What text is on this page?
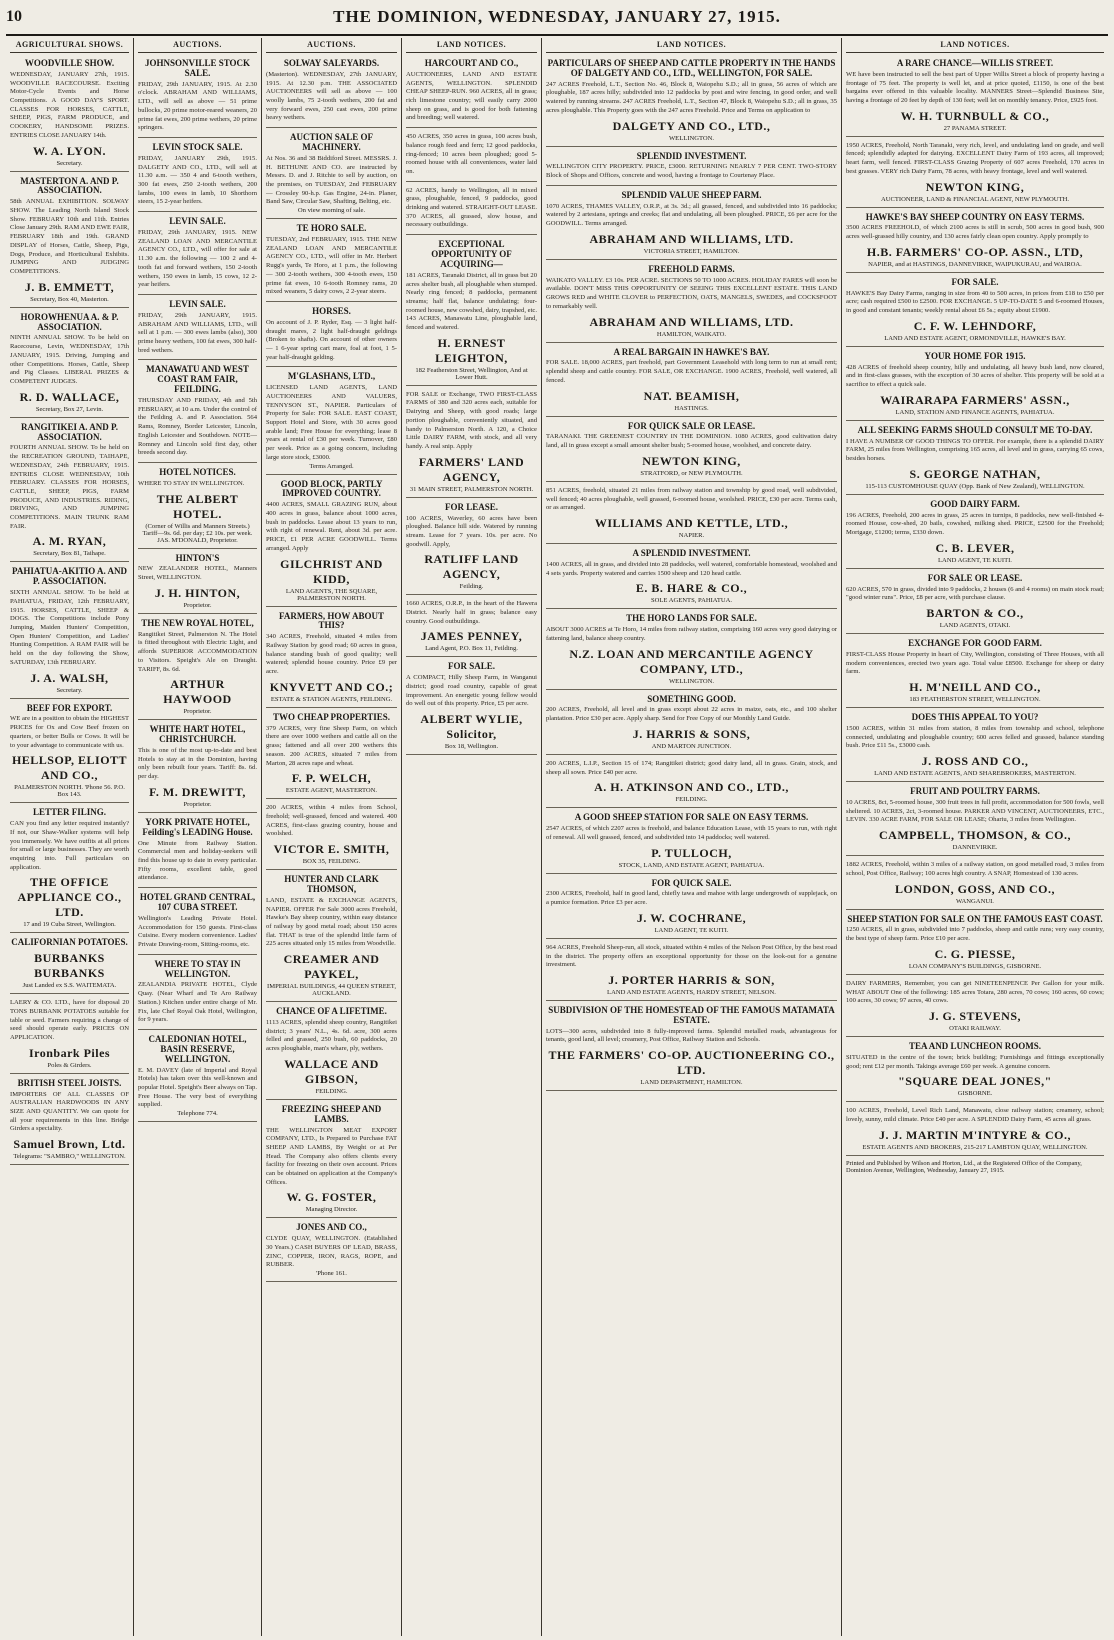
10	THE DOMINION, WEDNESDAY, JANUARY 27, 1915.
AGRICULTURAL SHOWS.
WOODVILLE SHOW.

WEDNESDAY, JANUARY 27th, 1915. WOODVILLE RACECOURSE. Exciting Motor-Cycle Events and Horse Competitions. A GOOD DAY'S SPORT. CLASSES FOR HORSES, CATTLE, SHEEP, PIGS, FARM PRODUCE, and COOKERY, HANDSOME PRIZES. ENTRIES CLOSE JANUARY 14th.

W. A. LYON.
Secretary.
MASTERTON A. AND P. ASSOCIATION.

58th ANNUAL EXHIBITION. SOLWAY SHOW. The Leading North Island Stock Show. FEBRUARY 10th and 11th. Entries Close January 29th. RAM AND EWE FAIR, FEBRUARY 18th and 19th. GRAND DISPLAY of Horses, Cattle, Sheep, Pigs, Dogs, Produce, and Horticultural Exhibits. JUMPING AND JUDGING COMPETITIONS.

J. B. EMMETT,
Secretary, Box 40, Masterton.
HOROWHENUA A. & P. ASSOCIATION.

NINTH ANNUAL SHOW. To be held on Racecourse, Levin, WEDNESDAY, 17th JANUARY, 1915. Driving, Jumping and other Competitions. Horses, Cattle, Sheep and Pig Classes. LIBERAL PRIZES & COMPETENT JUDGES.

R. D. WALLACE,
Secretary, Box 27, Levin.
RANGITIKEI A. AND P. ASSOCIATION.

FOURTH ANNUAL SHOW. To be held on the RECREATION GROUND, TAIHAPE, WEDNESDAY, 24th FEBRUARY, 1915. ENTRIES CLOSE WEDNESDAY, 10th FEBRUARY. CLASSES FOR HORSES, CATTLE, SHEEP, PIGS, FARM PRODUCE, AND INDUSTRIES. RIDING, DRIVING, AND JUMPING COMPETITIONS. MAIN TRUNK RAM FAIR.

A. M. RYAN,
Secretary, Box 81, Taihape.
PAHIATUA-AKITIO A. AND P. ASSOCIATION.

SIXTH ANNUAL SHOW. To be held at PAHIATUA, FRIDAY, 12th FEBRUARY, 1915. HORSES, CATTLE, SHEEP & DOGS. The Competitions include Pony Jumping, Maiden Hunters' Competition, Open Hunters' Competition, and Ladies' Hunting Competition. A RAM FAIR will be held on the day following the Show, SATURDAY, 13th FEBRUARY.

J. A. WALSH,
Secretary.
BEEF FOR EXPORT.

WE are in a position to obtain the HIGHEST PRICES for Ox and Cow Beef frozen on quarters, or better Bulls or Cows. It will be to your advantage to communicate with us.

HELLSOP, ELIOTT AND CO.,
PALMERSTON NORTH. 'Phone 56. P.O. Box 143.
LETTER FILING.

CAN you find any letter required instantly? If not, our Shaw-Walker systems will help you immensely. We have outfits at all prices for small or large businesses. They are worth enquiring into. Full particulars on application.

THE OFFICE APPLIANCE CO., LTD.
17 and 19 Cuba Street, Wellington.
CALIFORNIAN POTATOES.
BURBANKS BURBANKS
Just Landed ex S.S. WAITEMATA.

LAERY & CO. LTD., have for disposal 20 TONS BURBANK POTATOES suitable for table or seed. Farmers requiring a change of seed should operate early. PRICES ON APPLICATION.

Ironbark Piles
Poles & Girders.
BRITISH STEEL JOISTS.

IMPORTERS OF ALL CLASSES OF AUSTRALIAN HARDWOODS IN ANY SIZE AND QUANTITY. We can quote for all your requirements in this line. Bridge Girders a speciality.

Samuel Brown, Ltd.
Telegrams: "SAMBRO," WELLINGTON.
AUCTIONS.
JOHNSONVILLE STOCK SALE.

FRIDAY, 29th JANUARY, 1915. At 2.30 o'clock. ABRAHAM AND WILLIAMS, LTD., will sell as above — 51 prime bullocks, 20 prime motor-reared weaners, 20 prime fat ewes, 200 prime wethers, 20 prime springers.

LEVIN STOCK SALE.

FRIDAY, JANUARY 29th, 1915. DALGETY AND CO., LTD., will sell at 11.30 a.m. — 350 4 and 6-tooth wethers, 300 fat ewes, 250 2-tooth wethers, 200 lambs, 100 ewes in lamb, 10 Shorthorn steers, 15 2-year heifers.

LEVIN SALE.

FRIDAY, 29th JANUARY, 1915. NEW ZEALAND LOAN AND MERCANTILE AGENCY CO., LTD., will offer for sale at 11.30 a.m. the following — 100 2 and 4-tooth fat and forward wethers, 150 2-tooth wethers, 150 ewes in lamb, 15 cows, 12 2-year heifers.

LEVIN SALE.

FRIDAY, 29th JANUARY, 1915. ABRAHAM AND WILLIAMS, LTD., will sell at 1 p.m. — 300 ewes lambs (also), 300 prime heavy wethers, 100 fat ewes, 300 half-bred wethers.

MANAWATU AND WEST COAST RAM FAIR, FEILDING.

THURSDAY AND FRIDAY, 4th and 5th FEBRUARY, at 10 a.m. Under the control of the Feilding A. and P. Association. 564 Rams, Romney, Border Leicester, Lincoln, English Leicester and Southdown. NOTE—Romney and Lincoln sold first day, other breeds second day.

HOTEL NOTICES.

WHERE TO STAY IN WELLINGTON.

THE ALBERT HOTEL.
(Corner of Willis and Manners Streets.) Tariff—9s. 6d. per day; £2 10s. per week. JAS. M'DONALD, Proprietor.
HINTON'S

NEW ZEALANDER HOTEL, Manners Street, WELLINGTON.

J. H. HINTON,
Proprietor.
THE NEW ROYAL HOTEL,

Rangitikei Street, Palmerston N. The Hotel is fitted throughout with Electric Light, and affords SUPERIOR ACCOMMODATION to Visitors. Speight's Ale on Draught. TARIFF, 8s. 6d.

ARTHUR HAYWOOD
Proprietor.
WHITE HART HOTEL, CHRISTCHURCH.

This is one of the most up-to-date and best Hotels to stay at in the Dominion, having only been rebuilt four years. Tariff: 8s. 6d. per day.

F. M. DREWITT,
Proprietor.
YORK PRIVATE HOTEL, Feilding's LEADING House.

One Minute from Railway Station. Commercial men and holiday-seekers will find this house up to date in every particular. Fifty rooms, excellent table, good attendance.

HOTEL GRAND CENTRAL, 107 CUBA STREET.

Wellington's Leading Private Hotel. Accommodation for 150 guests. First-class Cuisine. Every modern convenience. Ladies' Private Drawing-room, Sitting-rooms, etc.

WHERE TO STAY IN WELLINGTON.

ZEALANDIA PRIVATE HOTEL, Clyde Quay. (Near Wharf and Te Aro Railway Station.) Kitchen under entire charge of Mr. Fix, late Chef Royal Oak Hotel, Wellington, for 9 years.

CALEDONIAN HOTEL, BASIN RESERVE, WELLINGTON.

E. M. DAVEY (late of Imperial and Royal Hotels) has taken over this well-known and popular Hotel. Speight's Beer always on Tap. Free House. The very best of everything supplied.

Telephone 774.
AUCTIONS.
SOLWAY SALEYARDS.

(Masterton). WEDNESDAY, 27th JANUARY, 1915. At 12.30 p.m. THE ASSOCIATED AUCTIONEERS will sell as above — 100 woolly lambs, 75 2-tooth wethers, 200 fat and very forward ewes, 250 cast ewes, 200 prime heavy wethers.

AUCTION SALE OF MACHINERY.

At Nos. 36 and 38 Biddiford Street. MESSRS. J. H. BETHUNE AND CO. are instructed by Messrs. D. and J. Ritchie to sell by auction, on the premises, on TUESDAY, 2nd FEBRUARY — Crossley 90-h.p. Gas Engine, 24-in. Planer, Band Saw, Circular Saw, Shafting, Belting, etc.

On view morning of sale.
TE HORO SALE.

TUESDAY, 2nd FEBRUARY, 1915. THE NEW ZEALAND LOAN AND MERCANTILE AGENCY CO., LTD., will offer in Mr. Herbert Rugg's yards, Te Horo, at 1 p.m., the following — 300 2-tooth wethers, 300 4-tooth ewes, 150 prime fat ewes, 10 6-tooth Romney rams, 20 mixed weaners, 5 dairy cows, 2 2-year steers.

HORSES.

On account of J. P. Ryder, Esq. — 3 light half-draught mares, 2 light half-draught geldings (Broken to shafts). On account of other owners — 1 6-year spring cart mare, foal at foot, 1 5-year half-draught gelding.

M'GLASHANS, LTD.,

LICENSED LAND AGENTS, LAND AUCTIONEERS AND VALUERS, TENNYSON ST., NAPIER. Particulars of Property for Sale: FOR SALE. EAST COAST, Support Hotel and Store, with 30 acres good arable land; Free House for everything; lease 8 years at rental of £30 per week. Turnover, £80 per week. Price as a going concern, including large store stock, £3000.

Terms Arranged.
GOOD BLOCK, PARTLY IMPROVED COUNTRY.

4400 ACRES, SMALL GRAZING RUN, about 400 acres in grass, balance about 1000 acres, bush in paddocks. Lease about 13 years to run, with right of renewal. Rent, about 3d. per acre. PRICE, £1 PER ACRE GOODWILL. Terms arranged. Apply

GILCHRIST AND KIDD,
LAND AGENTS, THE SQUARE, PALMERSTON NORTH.
FARMERS, HOW ABOUT THIS?

340 ACRES, Freehold, situated 4 miles from Railway Station by good road; 60 acres in grass, balance standing bush of good quality; well watered; splendid house country. Price £9 per acre.

KNYVETT AND CO.;
ESTATE & STATION AGENTS, FEILDING.
TWO CHEAP PROPERTIES.

379 ACRES, very fine Sheep Farm, on which there are over 1000 wethers and cattle all on the grass; fattened and all over 200 wethers this season. 200 ACRES, situated 7 miles from Marton, 28 acres rape and wheat.

F. P. WELCH,
ESTATE AGENT, MASTERTON.

200 ACRES, within 4 miles from School, freehold; well-grassed, fenced and watered. 400 ACRES, first-class grazing country, house and woolshed.

VICTOR E. SMITH,
BOX 35, FEILDING.
HUNTER AND CLARK THOMSON,

LAND, ESTATE & EXCHANGE AGENTS, NAPIER. OFFER For Sale 3000 acres Freehold, Hawke's Bay sheep country, within easy distance of railway by good metal road; about 150 acres flat. THAT is true of the splendid little farm of 225 acres situated only 15 miles from Woodville.

CREAMER AND PAYKEL,
IMPERIAL BUILDINGS, 44 QUEEN STREET, AUCKLAND.
CHANCE OF A LIFETIME.

1113 ACRES, splendid sheep country, Rangitikei district; 3 years' N.L., 4s. 6d. acre, 300 acres felled and grassed, 250 bush, 60 paddocks, 20 acres ploughable, man's whare, ply, wethers.

WALLACE AND GIBSON,
FEILDING.
FREEZING SHEEP AND LAMBS.

THE WELLINGTON MEAT EXPORT COMPANY, LTD., Is Prepared to Purchase FAT SHEEP AND LAMBS, By Weight or at Per Head. The Company also offers clients every facility for freezing on their own account. Prices can be obtained on application at the Company's Offices.

W. G. FOSTER,
Managing Director.
JONES AND CO.,

CLYDE QUAY, WELLINGTON. (Established 30 Years.) CASH BUYERS OF LEAD, BRASS, ZINC, COPPER, IRON, RAGS, ROPE, and RUBBER.

'Phone 161.
LAND NOTICES.
HARCOURT AND CO.,

AUCTIONEERS, LAND AND ESTATE AGENTS, WELLINGTON. SPLENDID CHEAP SHEEP-RUN. 960 ACRES, all in grass; rich limestone country; will easily carry 2000 sheep on grass, and is good for both fattening and breeding; well watered.

450 ACRES, 350 acres in grass, 100 acres bush, balance rough feed and fern; 12 good paddocks, ring-fenced; 10 acres been ploughed; good 5-roomed house with all conveniences, water laid on.

62 ACRES, handy to Wellington, all in mixed grass, ploughable, fenced, 9 paddocks, good drinking and watered. STRAIGHT-OUT LEASE. 370 ACRES, all grassed, slow house, and necessary outbuildings.

EXCEPTIONAL OPPORTUNITY OF ACQUIRING—

181 ACRES, Taranaki District, all in grass but 20 acres shelter bush, all ploughable when stumped. Nearly ring fenced; 8 paddocks, permanent streams; half flat, balance undulating; four-roomed house, new cowshed, dairy, trapshed, etc. 143 ACRES, Manawatu Line, ploughable land, fenced and watered.

H. ERNEST LEIGHTON,
182 Featherston Street, Wellington, And at Lower Hutt.

FOR SALE or Exchange, TWO FIRST-CLASS FARMS of 380 and 320 acres each, suitable for Dairying and Sheep, with good roads; large portion ploughable, conveniently situated, and handy to Palmerston North. A 120, a Choice Little DAIRY FARM, with stock, and all very handy. A real snip. Apply

FARMERS' LAND AGENCY,
31 MAIN STREET, PALMERSTON NORTH.
FOR LEASE.

100 ACRES, Waverley, 60 acres have been ploughed. Balance hill side. Watered by running stream. Lease for 7 years. 10s. per acre. No goodwill. Apply,

RATLIFF LAND AGENCY,
Feilding.

1660 ACRES, O.R.P., in the heart of the Hawera District. Nearly half in grass; balance easy country. Good outbuildings.

JAMES PENNEY,
Land Agent, P.O. Box 11, Feilding.
FOR SALE.

A COMPACT, Hilly Sheep Farm, in Wanganui district; good road country, capable of great improvement. An energetic young fellow would do well out of this property. Price, £5 per acre.

ALBERT WYLIE, Solicitor,
Box 18, Wellington.
LAND NOTICES.
PARTICULARS OF SHEEP AND CATTLE PROPERTY IN THE HANDS OF DALGETY AND CO., LTD., WELLINGTON, FOR SALE.

247 ACRES Freehold, L.T., Section No. 46, Block 8, Waiopehu S.D.; all in grass, 56 acres of which are ploughable, 187 acres hilly; subdivided into 12 paddocks by post and wire fencing, in good order, and well watered by running streams. 247 ACRES Freehold, L.T., Section 47, Block 8, Waiopehu S.D.; all in grass, 35 acres ploughable. This Property goes with the 247 acres Freehold. Price and Terms on application to

DALGETY AND CO., LTD.,
WELLINGTON.
SPLENDID INVESTMENT.

WELLINGTON CITY PROPERTY. PRICE, £3000. RETURNING NEARLY 7 PER CENT. TWO-STORY Block of Shops and Offices, concrete and wood, having a frontage to Courtenay Place.

SPLENDID VALUE SHEEP FARM.

1070 ACRES, THAMES VALLEY, O.R.P., at 3s. 3d.; all grassed, fenced, and subdivided into 16 paddocks; watered by 2 artesians, springs and creeks; flat and undulating, all been ploughed. PRICE, £6 per acre for the GOODWILL. Terms arranged.

ABRAHAM AND WILLIAMS, LTD.
VICTORIA STREET, HAMILTON.
FREEHOLD FARMS.

WAIKATO VALLEY. £3 10s. PER ACRE. SECTIONS 50 TO 1000 ACRES. HOLIDAY FARES will soon be available. DON'T MISS THIS OPPORTUNITY OF SEEING THIS EXCELLENT ESTATE. THIS LAND GROWS RED and WHITE CLOVER to PERFECTION, OATS, MANGELS, SWEDES, and COCKSFOOT to remarkably well.

ABRAHAM AND WILLIAMS, LTD.
HAMILTON, WAIKATO.
A REAL BARGAIN IN HAWKE'S BAY.

FOR SALE. 18,000 ACRES, part freehold, part Government Leasehold with long term to run at small rent; splendid sheep and cattle country. FOR SALE, OR EXCHANGE. 1900 ACRES, Freehold, well watered, all fenced.

NAT. BEAMISH,
HASTINGS.
FOR QUICK SALE OR LEASE.

TARANAKI. THE GREENEST COUNTRY IN THE DOMINION. 1080 ACRES, good cultivation dairy land, all in grass except a small amount shelter bush; 5-roomed house, woolshed, and concrete dairy.

NEWTON KING,
STRATFORD, or NEW PLYMOUTH.

851 ACRES, freehold, situated 21 miles from railway station and township by good road, well subdivided, well fenced; 40 acres ploughable, well grassed, 6-roomed house, woolshed. PRICE, £30 per acre. Terms cash, or as arranged.

WILLIAMS AND KETTLE, LTD.,
NAPIER.
A SPLENDID INVESTMENT.

1400 ACRES, all in grass, and divided into 28 paddocks, well watered, comfortable homestead, woolshed and 4 sets yards. Property watered and carries 1500 sheep and 120 head cattle.

E. B. HARE & CO.,
SOLE AGENTS, PAHIATUA.
THE HORO LANDS FOR SALE.

ABOUT 3000 ACRES at Te Horo, 14 miles from railway station, comprising 160 acres very good dairying or fattening land, balance sheep country.

N.Z. LOAN AND MERCANTILE AGENCY COMPANY, LTD.,
WELLINGTON.
SOMETHING GOOD.

200 ACRES, Freehold, all level and in grass except about 22 acres in maize, oats, etc., and 100 shelter plantation. Price £30 per acre. Apply sharp. Send for Free Copy of our Monthly Land Guide.

J. HARRIS & SONS,
AND MARTON JUNCTION.

200 ACRES, L.I.P., Section 15 of 174; Rangitikei district; good dairy land, all in grass. Grain, stock, and sheep all sown. Price £40 per acre.

A. H. ATKINSON AND CO., LTD.,
FEILDING.
A GOOD SHEEP STATION FOR SALE ON EASY TERMS.

2547 ACRES, of which 2207 acres is freehold, and balance Education Lease, with 15 years to run, with right of renewal. All well grassed, fenced, and subdivided into 14 paddocks; well watered.

P. TULLOCH,
STOCK, LAND, AND ESTATE AGENT, PAHIATUA.
FOR QUICK SALE.

2300 ACRES, Freehold, half in good land, chiefly tawa and mahoe with large undergrowth of supplejack, on a pumice formation. Price £3 per acre.

J. W. COCHRANE,
LAND AGENT, TE KUITI.

964 ACRES, Freehold Sheep-run, all stock, situated within 4 miles of the Nelson Post Office, by the best road in the district. The property offers an exceptional opportunity for those on the look-out for a genuine investment.

J. PORTER HARRIS & SON,
LAND AND ESTATE AGENTS, HARDY STREET, NELSON.
SUBDIVISION OF THE HOMESTEAD OF THE FAMOUS MATAMATA ESTATE.

LOTS—300 acres, subdivided into 8 fully-improved farms. Splendid metalled roads, advantageous for tenants, good land, all level; creamery, Post Office, Railway Station and Schools.

THE FARMERS' CO-OP. AUCTIONEERING CO., LTD.
LAND DEPARTMENT, HAMILTON.
LAND NOTICES.
A RARE CHANCE—WILLIS STREET.

WE have been instructed to sell the best part of Upper Willis Street a block of property having a frontage of 75 feet. The property is well let, and at price quoted, £1150, is one of the best bargains ever offered in this valuable locality. MANNERS Street—Splendid Business Site, having a frontage of 20 feet by depth of 130 feet; well let on monthly tenancy. Price, £925 foot.

W. H. TURNBULL & CO.,
27 PANAMA STREET.

1950 ACRES, Freehold, North Taranaki, very rich, level, and undulating land on grade, and well fenced; splendidly adapted for dairying. EXCELLENT Dairy Farm of 193 acres, all improved; heart farm, well fenced. FIRST-CLASS Grazing Property of 607 acres Freehold, 170 acres in best grasses. VERY rich Dairy Farm, 78 acres, with heavy frontage, level and well watered.

NEWTON KING,
AUCTIONEER, LAND & FINANCIAL AGENT, NEW PLYMOUTH.
HAWKE'S BAY SHEEP COUNTRY ON EASY TERMS.

3500 ACRES FREEHOLD, of which 2100 acres is still in scrub, 500 acres in good bush, 900 acres well-grassed hilly country, and 130 acres fairly clean open country. Apply promptly to

H.B. FARMERS' CO-OP. ASSN., LTD,
NAPIER, and at HASTINGS, DANNEVIRKE, WAIPUKURAU, and WAIROA.
FOR SALE.

HAWKE'S Bay Dairy Farms, ranging in size from 40 to 500 acres, in prices from £18 to £50 per acre; cash required £500 to £2500. FOR EXCHANGE. 5 UP-TO-DATE 5 and 6-roomed Houses, in good and constant tenants; weekly rental about £6 5s.; equity about £1900.

C. F. W. LEHNDORF,
LAND AND ESTATE AGENT, ORMONDVILLE, HAWKE'S BAY.
YOUR HOME FOR 1915.

428 ACRES of freehold sheep country, hilly and undulating, all heavy bush land, now cleared, and in first-class grasses, with the exception of 30 acres of shelter. This property will be sold at a sacrifice to effect a quick sale.

WAIRARAPA FARMERS' ASSN.,
LAND, STATION AND FINANCE AGENTS, PAHIATUA.
ALL SEEKING FARMS SHOULD CONSULT ME TO-DAY.

I HAVE A NUMBER OF GOOD THINGS TO OFFER. For example, there is a splendid DAIRY FARM, 25 miles from Wellington, comprising 165 acres, all level and in grass, carrying 65 cows, besides horses.

S. GEORGE NATHAN,
115-113 CUSTOMHOUSE QUAY (Opp. Bank of New Zealand), WELLINGTON.
GOOD DAIRY FARM.

196 ACRES, Freehold, 200 acres in grass, 25 acres in turnips, 8 paddocks, new well-finished 4-roomed House, cow-shed, 20 bails, cowshed, milking shed. PRICE, £2500 for the Freehold; Mortgage, £1200; terms, £330 down.

C. B. LEVER,
LAND AGENT, TE KUITI.
FOR SALE OR LEASE.

620 ACRES, 570 in grass, divided into 9 paddocks, 2 houses (6 and 4 rooms) on main stock road; "good winter runs". Price, £8 per acre, with purchase clause.

BARTON & CO.,
LAND AGENTS, OTAKI.
EXCHANGE FOR GOOD FARM.

FIRST-CLASS House Property in heart of City, Wellington, consisting of Three Houses, with all modern conveniences, erected two years ago. Total value £8500. Exchange for sheep or dairy farm.

H. M'NEILL AND CO.,
183 FEATHERSTON STREET, WELLINGTON.
DOES THIS APPEAL TO YOU?

1500 ACRES, within 31 miles from station, 8 miles from township and school, telephone connected, undulating and ploughable country; 600 acres felled and grassed, balance standing bush. Price £11 5s., £3000 cash.

J. ROSS AND CO.,
LAND AND ESTATE AGENTS, AND SHAREBROKERS, MASTERTON.
FRUIT AND POULTRY FARMS.

10 ACRES, 8ct, 5-roomed house, 300 fruit trees in full profit, accommodation for 500 fowls, well sheltered. 10 ACRES, 2ct, 3-roomed house. PARKER AND VINCENT, AUCTIONEERS, ETC., LEVIN. 330 ACRE FARM, FOR SALE OR LEASE; Ohariu, 3 miles from Wellington.

CAMPBELL, THOMSON, & CO.,
DANNEVIRKE.

1882 ACRES, Freehold, within 3 miles of a railway station, on good metalled road, 3 miles from school, Post Office, Railway; 100 acres high country. A SNAP, Homestead of 130 acres.

LONDON, GOSS, AND CO.,
WANGANUI.
SHEEP STATION FOR SALE ON THE FAMOUS EAST COAST.

1250 ACRES, all in grass, subdivided into 7 paddocks, sheep and cattle runs; very easy country, the best type of sheep farm. Price £10 per acre.

C. G. PIESSE,
LOAN COMPANY'S BUILDINGS, GISBORNE.

DAIRY FARMERS, Remember, you can get NINETEENPENCE Per Gallon for your milk. WHAT ABOUT One of the following: 185 acres Totara, 280 acres, 70 cows; 160 acres, 60 cows; 100 acres, 30 cows; 97 acres, 40 cows.

J. G. STEVENS,
OTAKI RAILWAY.
TEA AND LUNCHEON ROOMS.

SITUATED in the centre of the town; brick building; Furnishings and fittings exceptionally good; rent £12 per month. Takings average £60 per week. A genuine concern.

"SQUARE DEAL JONES,"
GISBORNE.

100 ACRES, Freehold, Level Rich Land, Manawatu, close railway station; creamery, school; lovely, sunny, mild climate. Price £40 per acre. A SPLENDID Dairy Farm, 45 acres all grass.

J. J. MARTIN M'INTYRE & CO.,
ESTATE AGENTS AND BROKERS, 215-217 LAMBTON QUAY, WELLINGTON.

Printed and Published by Wilson and Horton, Ltd., at the Registered Office of the Company, Dominion Avenue, Wellington, Wednesday, January 27, 1915.
